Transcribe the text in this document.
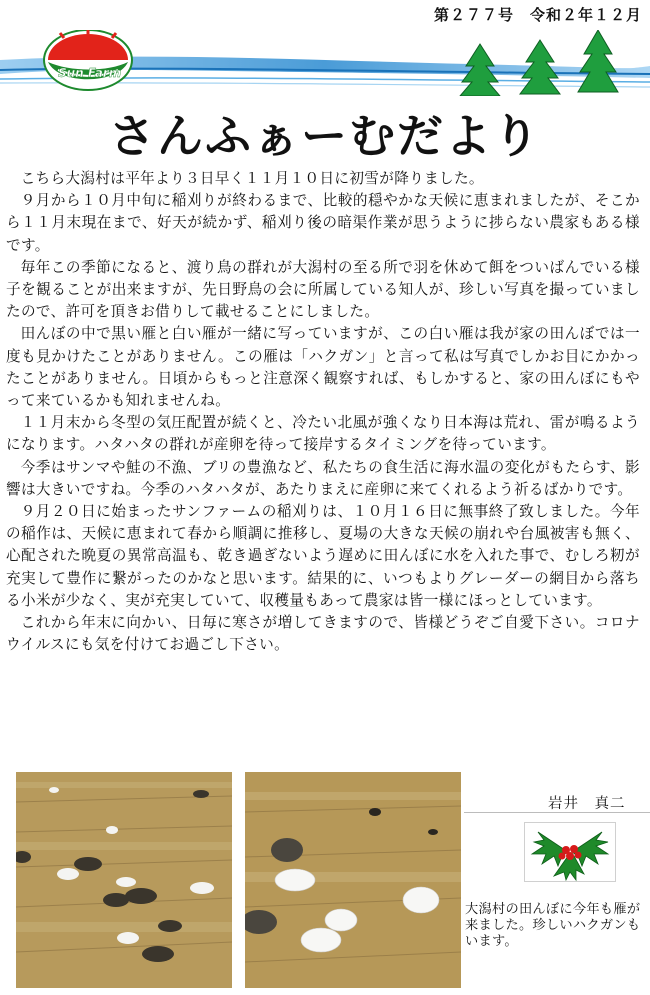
第２７７号 令和２年１２月
Sun Farm
さんふぁーむだより

こちら大潟村は平年より３日早く１１月１０日に初雪が降りました。

９月から１０月中旬に稲刈りが終わるまで、比較的穏やかな天候に恵まれましたが、そこから１１月末現在まで、好天が続かず、稲刈り後の暗渠作業が思うように捗らない農家もある様です。

毎年この季節になると、渡り鳥の群れが大潟村の至る所で羽を休めて餌をついばんでいる様子を観ることが出来ますが、先日野鳥の会に所属している知人が、珍しい写真を撮っていましたので、許可を頂きお借りして載せることにしました。

田んぼの中で黒い雁と白い雁が一緒に写っていますが、この白い雁は我が家の田んぼでは一度も見かけたことがありません。この雁は「ハクガン」と言って私は写真でしかお目にかかったことがありません。日頃からもっと注意深く観察すれば、もしかすると、家の田んぼにもやって来ているかも知れませんね。

１１月末から冬型の気圧配置が続くと、冷たい北風が強くなり日本海は荒れ、雷が鳴るようになります。ハタハタの群れが産卵を待って接岸するタイミングを待っています。

今季はサンマや鮭の不漁、ブリの豊漁など、私たちの食生活に海水温の変化がもたらす、影響は大きいですね。今季のハタハタが、あたりまえに産卵に来てくれるよう祈るばかりです。

９月２０日に始まったサンファームの稲刈りは、１０月１６日に無事終了致しました。今年の稲作は、天候に恵まれて春から順調に推移し、夏場の大きな天候の崩れや台風被害も無く、心配された晩夏の異常高温も、乾き過ぎないよう遅めに田んぼに水を入れた事で、むしろ籾が充実して豊作に繋がったのかなと思います。結果的に、いつもよりグレーダーの網目から落ちる小米が少なく、実が充実していて、収穫量もあって農家は皆一様にほっとしています。

これから年末に向かい、日毎に寒さが増してきますので、皆様どうぞご自愛下さい。コロナウイルスにも気を付けてお過ごし下さい。

岩井　真二
大潟村の田んぼに今年も雁が来ました。珍しいハクガンもいます。
